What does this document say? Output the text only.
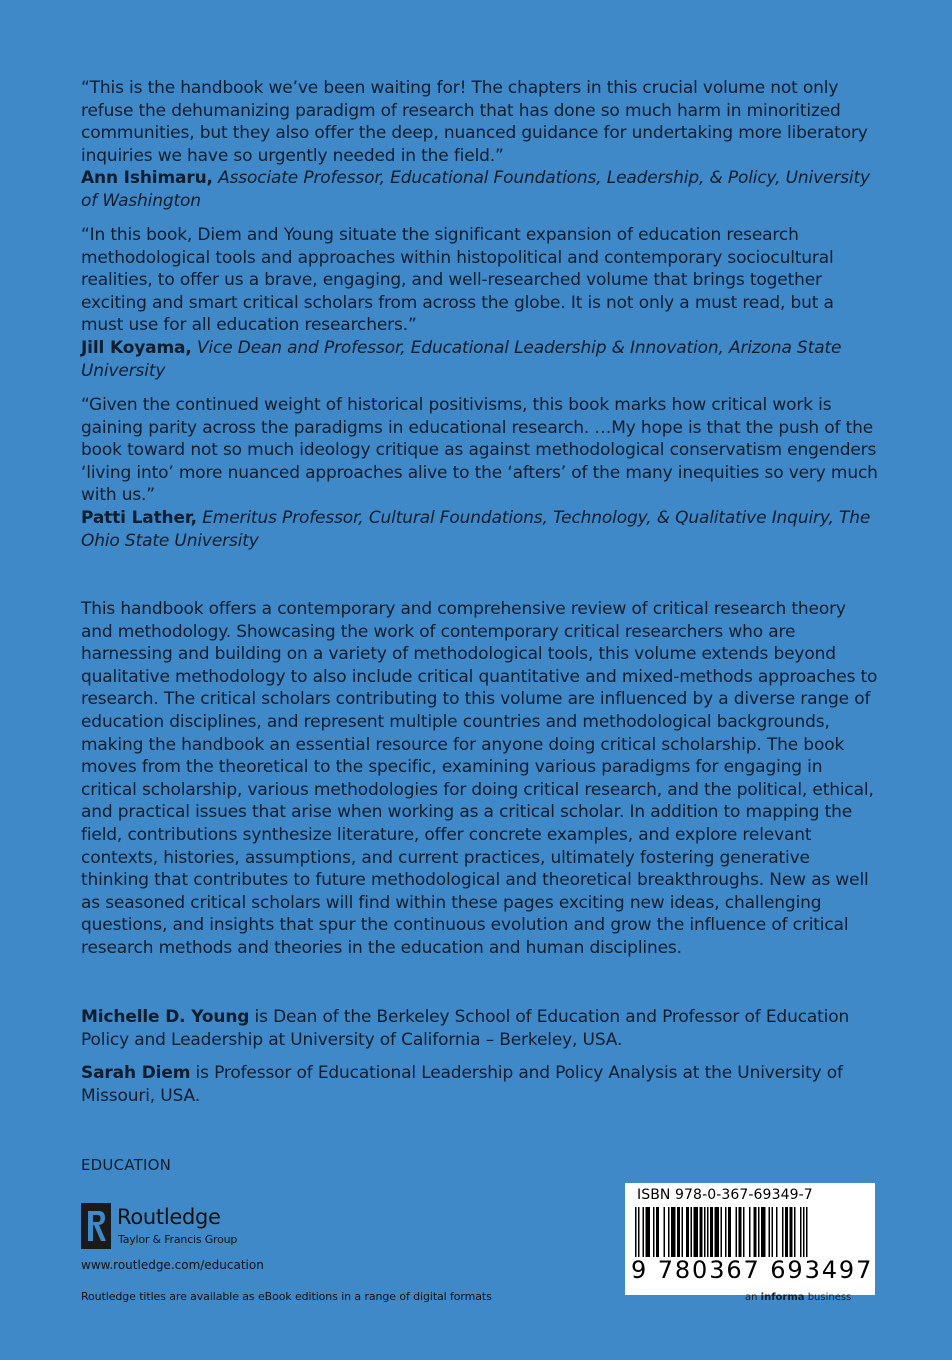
“This is the handbook we’ve been waiting for! The chapters in this crucial volume not only refuse the dehumanizing paradigm of research that has done so much harm in minoritized communities, but they also offer the deep, nuanced guidance for undertaking more liberatory inquiries we have so urgently needed in the field.”

Ann Ishimaru, Associate Professor, Educational Foundations, Leadership, & Policy, University of Washington

“In this book, Diem and Young situate the significant expansion of education research methodological tools and approaches within histopolitical and contemporary sociocultural realities, to offer us a brave, engaging, and well-researched volume that brings together exciting and smart critical scholars from across the globe. It is not only a must read, but a must use for all education researchers.”

Jill Koyama, Vice Dean and Professor, Educational Leadership & Innovation, Arizona State University

“Given the continued weight of historical positivisms, this book marks how critical work is gaining parity across the paradigms in educational research. …My hope is that the push of the book toward not so much ideology critique as against methodological conservatism engenders ‘living into’ more nuanced approaches alive to the ‘afters’ of the many inequities so very much with us.”

Patti Lather, Emeritus Professor, Cultural Foundations, Technology, & Qualitative Inquiry, The Ohio State University

This handbook offers a contemporary and comprehensive review of critical research theory and methodology. Showcasing the work of contemporary critical researchers who are harnessing and building on a variety of methodological tools, this volume extends beyond qualitative methodology to also include critical quantitative and mixed-methods approaches to research. The critical scholars contributing to this volume are influenced by a diverse range of education disciplines, and represent multiple countries and methodological backgrounds, making the handbook an essential resource for anyone doing critical scholarship. The book moves from the theoretical to the specific, examining various paradigms for engaging in critical scholarship, various methodologies for doing critical research, and the political, ethical, and practical issues that arise when working as a critical scholar. In addition to mapping the field, contributions synthesize literature, offer concrete examples, and explore relevant contexts, histories, assumptions, and current practices, ultimately fostering generative thinking that contributes to future methodological and theoretical breakthroughs. New as well as seasoned critical scholars will find within these pages exciting new ideas, challenging questions, and insights that spur the continuous evolution and grow the influence of critical research methods and theories in the education and human disciplines.

Michelle D. Young is Dean of the Berkeley School of Education and Professor of Education Policy and Leadership at University of California – Berkeley, USA.

Sarah Diem is Professor of Educational Leadership and Policy Analysis at the University of Missouri, USA.

EDUCATION
Routledge
Taylor & Francis Group
www.routledge.com/education
Routledge titles are available as eBook editions in a range of digital formats
ISBN 978-0-367-69349-7
9 780367 693497
an informa business
